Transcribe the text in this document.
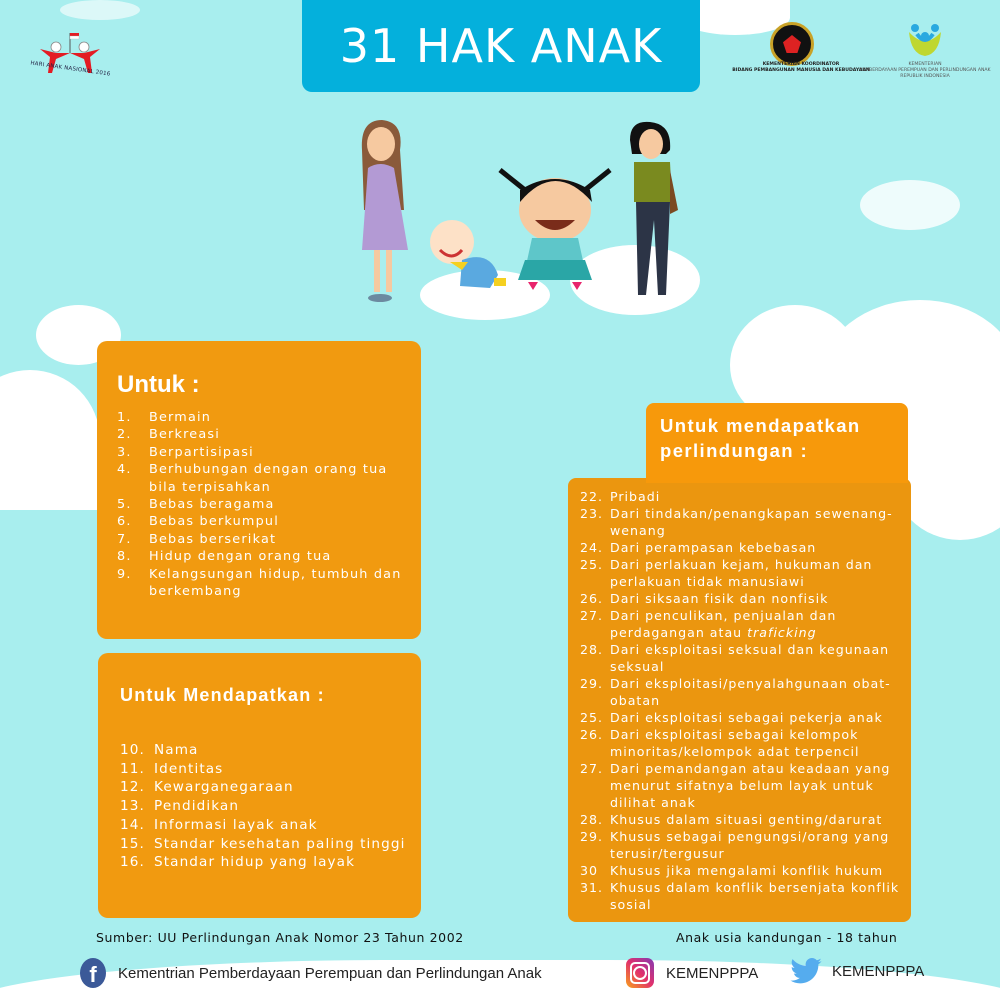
HARI ANAK NASIONAL 2016	31 HAK ANAK	KEMENTERIAN KOORDINATOR
BIDANG PEMBANGUNAN MANUSIA DAN KEBUDAYAAN
KEMENTERIAN
PEMBERDAYAAN PEREMPUAN DAN PERLINDUNGAN ANAK
REPUBLIK INDONESIA
Untuk :
1.	Bermain
2.	Berkreasi
3.	Berpartisipasi
4.	Berhubungan dengan orang tua bila terpisahkan
5.	Bebas beragama
6.	Bebas berkumpul
7.	Bebas berserikat
8.	Hidup dengan orang tua
9.	Kelangsungan hidup, tumbuh dan berkembang
Untuk Mendapatkan :
10. Nama
11. Identitas
12. Kewarganegaraan
13. Pendidikan
14. Informasi layak anak
15. Standar kesehatan paling tinggi
16. Standar hidup yang layak
22. Pribadi
23. Dari tindakan/penangkapan sewenang-wenang
24. Dari perampasan kebebasan
25. Dari perlakuan kejam, hukuman dan perlakuan tidak manusiawi
26. Dari siksaan fisik dan nonfisik
27. Dari penculikan, penjualan dan perdagangan atau traficking
28. Dari eksploitasi seksual dan kegunaan seksual
29. Dari eksploitasi/penyalahgunaan obat-obatan
25. Dari eksploitasi sebagai pekerja anak
26. Dari eksploitasi sebagai kelompok minoritas/kelompok adat terpencil
27. Dari pemandangan atau keadaan yang menurut sifatnya belum layak untuk dilihat anak
28. Khusus dalam situasi genting/darurat
29. Khusus sebagai pengungsi/orang yang terusir/tergusur
30 Khusus jika mengalami konflik hukum
31. Khusus dalam konflik bersenjata konflik sosial
Untuk mendapatkan perlindungan :
Sumber: UU Perlindungan Anak Nomor 23 Tahun 2002	Anak usia kandungan - 18 tahun
f	Kementrian Pemberdayaan Perempuan dan Perlindungan Anak	KEMENPPPA	KEMENPPPA
